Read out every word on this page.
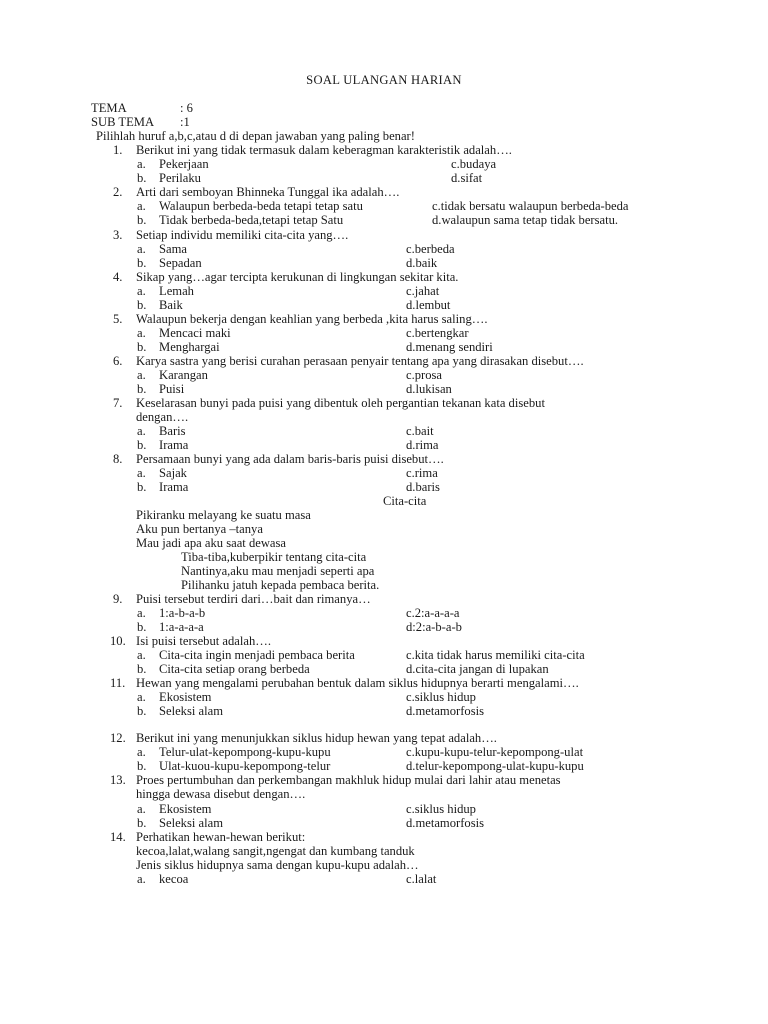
SOAL ULANGAN HARIAN
TEMA	: 6
SUB TEMA :1
Pilihlah huruf a,b,c,atau d di depan jawaban yang paling benar!
1. Berikut ini yang tidak termasuk dalam keberagman karakteristik adalah….
a. Pekerjaan	c.budaya
b. Perilaku	d.sifat
2. Arti dari semboyan Bhinneka Tunggal ika adalah….
a. Walaupun berbeda-beda tetapi tetap satu	c.tidak bersatu walaupun berbeda-beda
b. Tidak berbeda-beda,tetapi tetap Satu	d.walaupun sama tetap tidak bersatu.
3. Setiap individu memiliki cita-cita yang….
a. Sama	c.berbeda
b. Sepadan	d.baik
4. Sikap yang…agar tercipta kerukunan di lingkungan sekitar kita.
a. Lemah	c.jahat
b. Baik	d.lembut
5. Walaupun bekerja dengan keahlian yang berbeda ,kita harus saling….
a. Mencaci maki	c.bertengkar
b. Menghargai	d.menang sendiri
6. Karya sastra yang berisi curahan perasaan penyair tentang apa yang dirasakan disebut….
a. Karangan	c.prosa
b. Puisi	d.lukisan
7. Keselarasan bunyi pada puisi yang dibentuk oleh pergantian tekanan kata disebut
dengan….
a. Baris	c.bait
b. Irama	d.rima
8. Persamaan bunyi yang ada dalam baris-baris puisi disebut….
a. Sajak	c.rima
b. Irama	d.baris
Cita-cita
Pikiranku melayang ke suatu masa
Aku pun bertanya –tanya
Mau jadi apa aku saat dewasa
Tiba-tiba,kuberpikir tentang cita-cita
Nantinya,aku mau menjadi seperti apa
Pilihanku jatuh kepada pembaca berita.
9. Puisi tersebut terdiri dari…bait dan rimanya…
a. 1:a-b-a-b	c.2:a-a-a-a
b. 1:a-a-a-a	d:2:a-b-a-b
10. Isi puisi tersebut adalah….
a. Cita-cita ingin menjadi pembaca berita	c.kita tidak harus memiliki cita-cita
b. Cita-cita setiap orang berbeda	d.cita-cita jangan di lupakan
11. Hewan yang mengalami perubahan bentuk dalam siklus hidupnya berarti mengalami….
a. Ekosistem	c.siklus hidup
b. Seleksi alam	d.metamorfosis
12. Berikut ini yang menunjukkan siklus hidup hewan yang tepat adalah….
a. Telur-ulat-kepompong-kupu-kupu	c.kupu-kupu-telur-kepompong-ulat
b. Ulat-kuou-kupu-kepompong-telur	d.telur-kepompong-ulat-kupu-kupu
13. Proes pertumbuhan dan perkembangan makhluk hidup mulai dari lahir atau menetas
hingga dewasa disebut dengan….
a. Ekosistem	c.siklus hidup
b. Seleksi alam	d.metamorfosis
14. Perhatikan hewan-hewan berikut:
kecoa,lalat,walang sangit,ngengat dan kumbang tanduk
Jenis siklus hidupnya sama dengan kupu-kupu adalah…
a. kecoa	c.lalat
